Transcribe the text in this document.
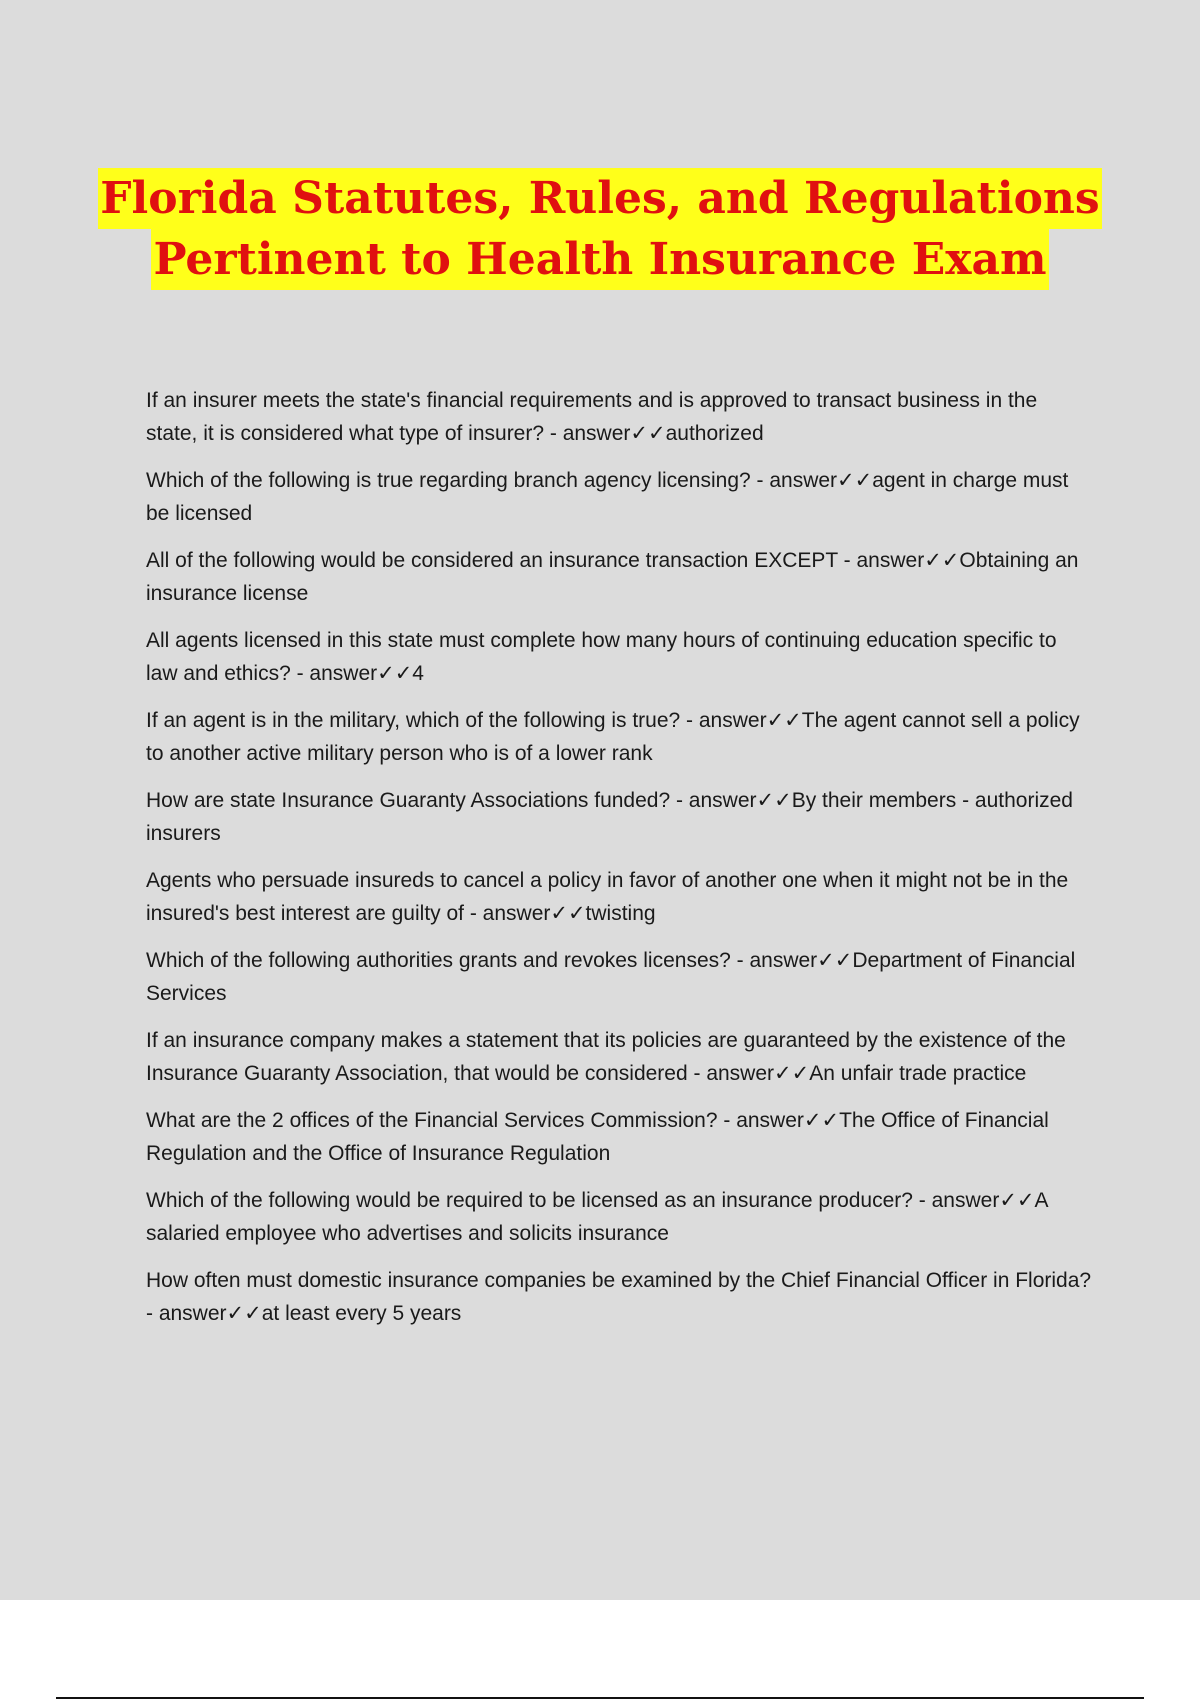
Florida Statutes, Rules, and Regulations
Pertinent to Health Insurance Exam

If an insurer meets the state's financial requirements and is approved to transact business in the state, it is considered what type of insurer? - answer✓✓authorized

Which of the following is true regarding branch agency licensing? - answer✓✓agent in charge must be licensed

All of the following would be considered an insurance transaction EXCEPT - answer✓✓Obtaining an insurance license

All agents licensed in this state must complete how many hours of continuing education specific to law and ethics? - answer✓✓4

If an agent is in the military, which of the following is true? - answer✓✓The agent cannot sell a policy to another active military person who is of a lower rank

How are state Insurance Guaranty Associations funded? - answer✓✓By their members - authorized insurers

Agents who persuade insureds to cancel a policy in favor of another one when it might not be in the insured's best interest are guilty of - answer✓✓twisting

Which of the following authorities grants and revokes licenses? - answer✓✓Department of Financial Services

If an insurance company makes a statement that its policies are guaranteed by the existence of the Insurance Guaranty Association, that would be considered - answer✓✓An unfair trade practice

What are the 2 offices of the Financial Services Commission? - answer✓✓The Office of Financial Regulation and the Office of Insurance Regulation

Which of the following would be required to be licensed as an insurance producer? - answer✓✓A salaried employee who advertises and solicits insurance

How often must domestic insurance companies be examined by the Chief Financial Officer in Florida? - answer✓✓at least every 5 years
